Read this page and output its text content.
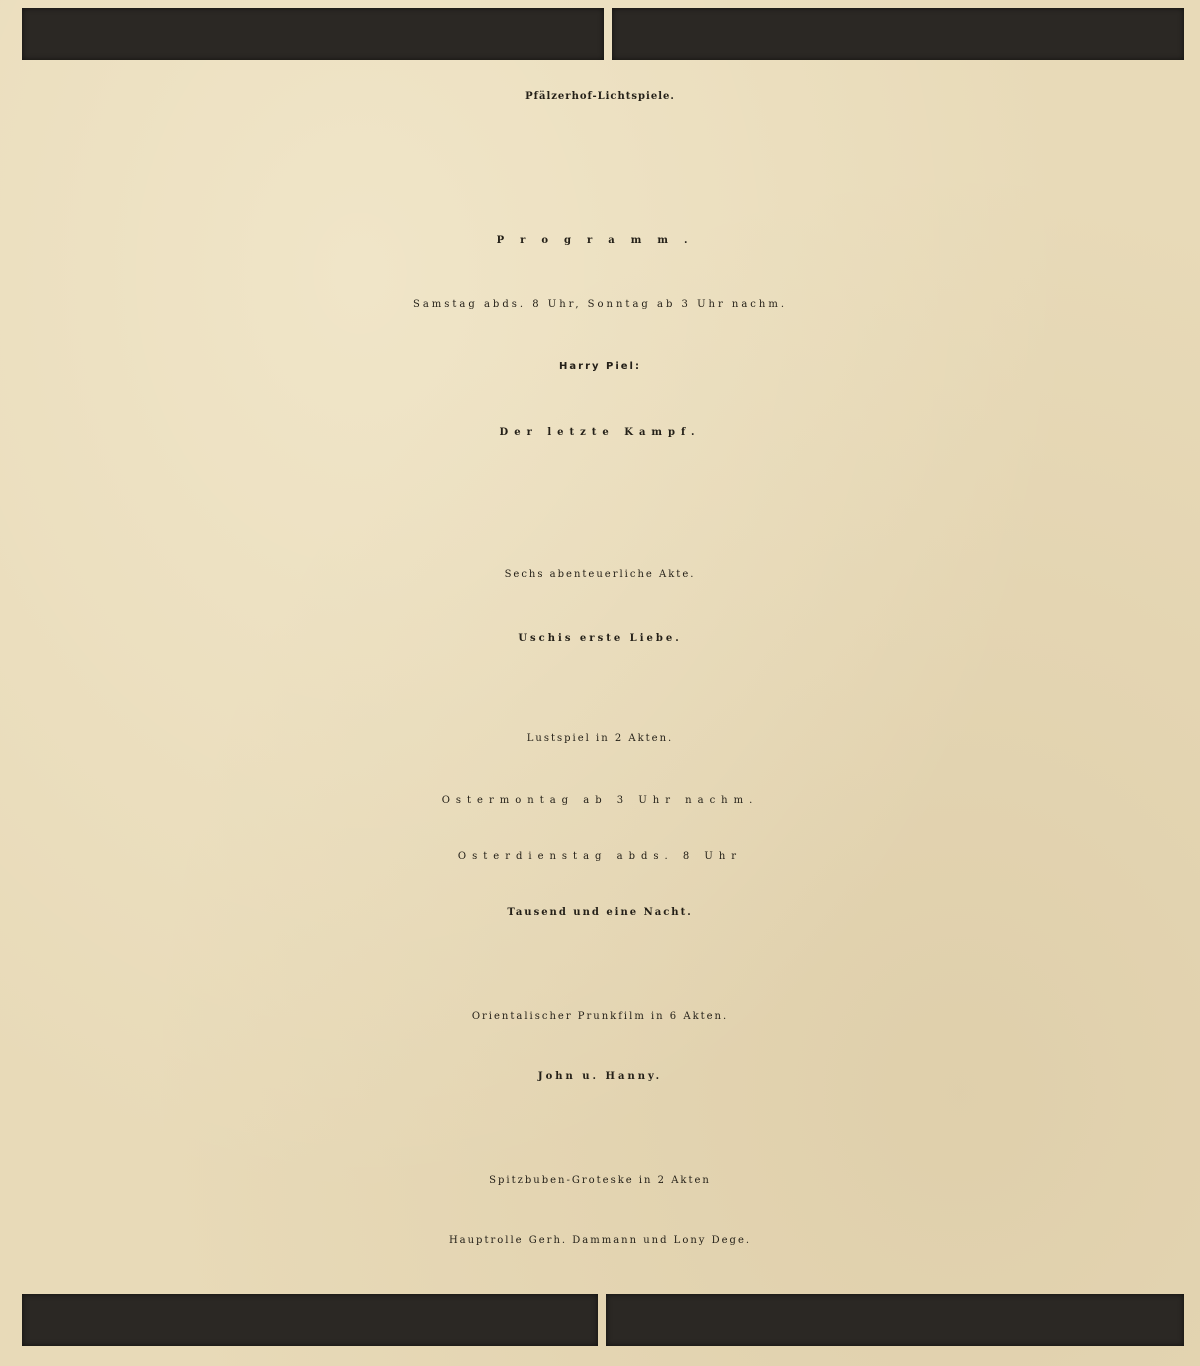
Pfälzerhof-Lichtspiele.
Programm.
Samstag abds. 8 Uhr, Sonntag ab 3 Uhr nachm.
Harry Piel:
Der letzte Kampf.
Sechs abenteuerliche Akte.
Uschis erste Liebe.
Lustspiel in 2 Akten.
Ostermontag ab 3 Uhr nachm.
Osterdienstag abds. 8 Uhr
Tausend und eine Nacht.
Orientalischer Prunkfilm in 6 Akten.
John u. Hanny.
Spitzbuben-Groteske in 2 Akten
Hauptrolle Gerh. Dammann und Lony Dege.
